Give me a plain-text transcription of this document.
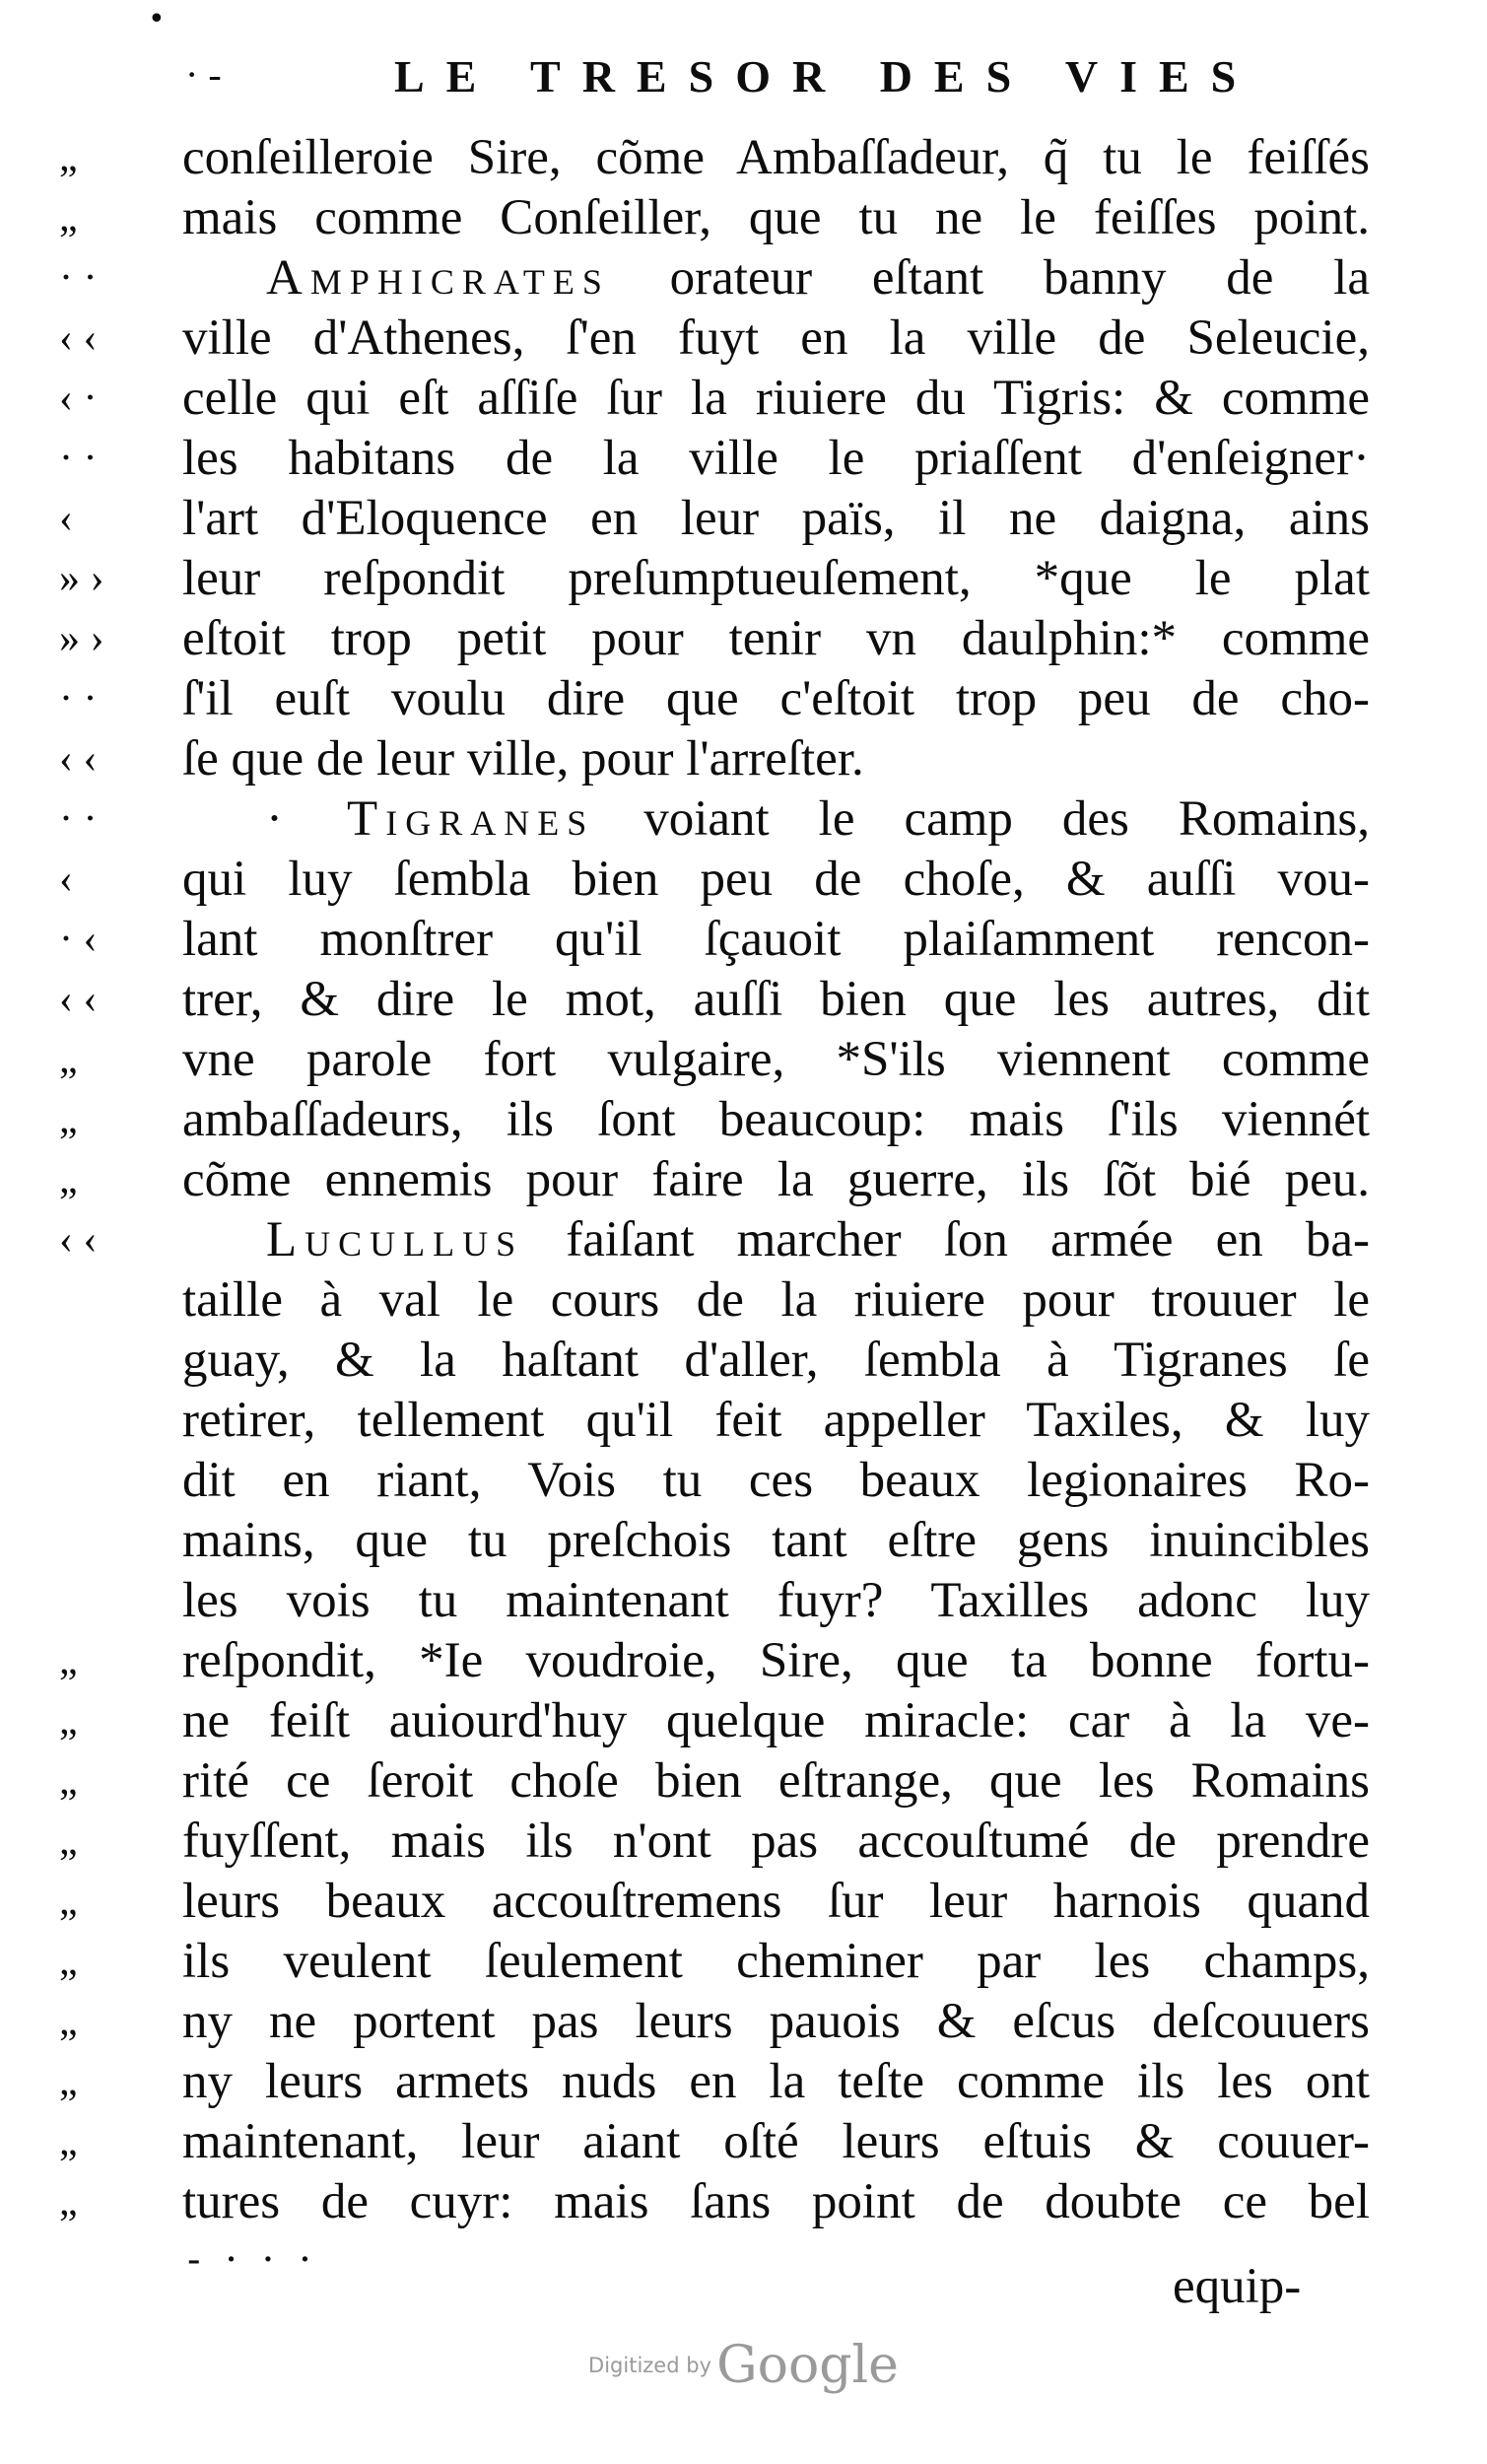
•
· -	LE TRESOR DES VIES
„	conſeilleroie Sire, cõme Ambaſſadeur, q̃ tu le feiſſés
„	mais comme Conſeiller, que tu ne le feiſſes point.
· ·	Amphicrates orateur eſtant banny de la
‹ ‹	ville d'Athenes, ſ'en fuyt en la ville de Seleucie,
‹ ·	celle qui eſt aſſiſe ſur la riuiere du Tigris: & comme
· ·	les habitans de la ville le priaſſent d'enſeigner·
‹	l'art d'Eloquence en leur païs, il ne daigna, ains
» ›	leur reſpondit preſumptueuſement, *que le plat
» ›	eſtoit trop petit pour tenir vn daulphin:* comme
· ·	ſ'il euſt voulu dire que c'eſtoit trop peu de cho-
‹ ‹	ſe que de leur ville, pour l'arreſter.
· ·	· Tigranes voiant le camp des Romains,
‹	qui luy ſembla bien peu de choſe, & auſſi vou-
· ‹	lant monſtrer qu'il ſçauoit plaiſamment rencon-
‹ ‹	trer, & dire le mot, auſſi bien que les autres, dit
„	vne parole fort vulgaire, *S'ils viennent comme
„	ambaſſadeurs, ils ſont beaucoup: mais ſ'ils viennét
„	cõme ennemis pour faire la guerre, ils ſõt bié peu.
‹ ‹	Lucullus faiſant marcher ſon armée en ba-
taille à val le cours de la riuiere pour trouuer le
guay, & la haſtant d'aller, ſembla à Tigranes ſe
retirer, tellement qu'il feit appeller Taxiles, & luy
dit en riant, Vois tu ces beaux legionaires Ro-
mains, que tu preſchois tant eſtre gens inuincibles
les vois tu maintenant fuyr? Taxilles adonc luy
„	reſpondit, *Ie voudroie, Sire, que ta bonne fortu-
„	ne feiſt auiourd'huy quelque miracle: car à la ve-
„	rité ce ſeroit choſe bien eſtrange, que les Romains
„	fuyſſent, mais ils n'ont pas accouſtumé de prendre
„	leurs beaux accouſtremens ſur leur harnois quand
„	ils veulent ſeulement cheminer par les champs,
„	ny ne portent pas leurs pauois & eſcus deſcouuers
„	ny leurs armets nuds en la teſte comme ils les ont
„	maintenant, leur aiant oſté leurs eſtuis & couuer-
„	tures de cuyr: mais ſans point de doubte ce bel
- · · ·	equip-
Digitized by Google
